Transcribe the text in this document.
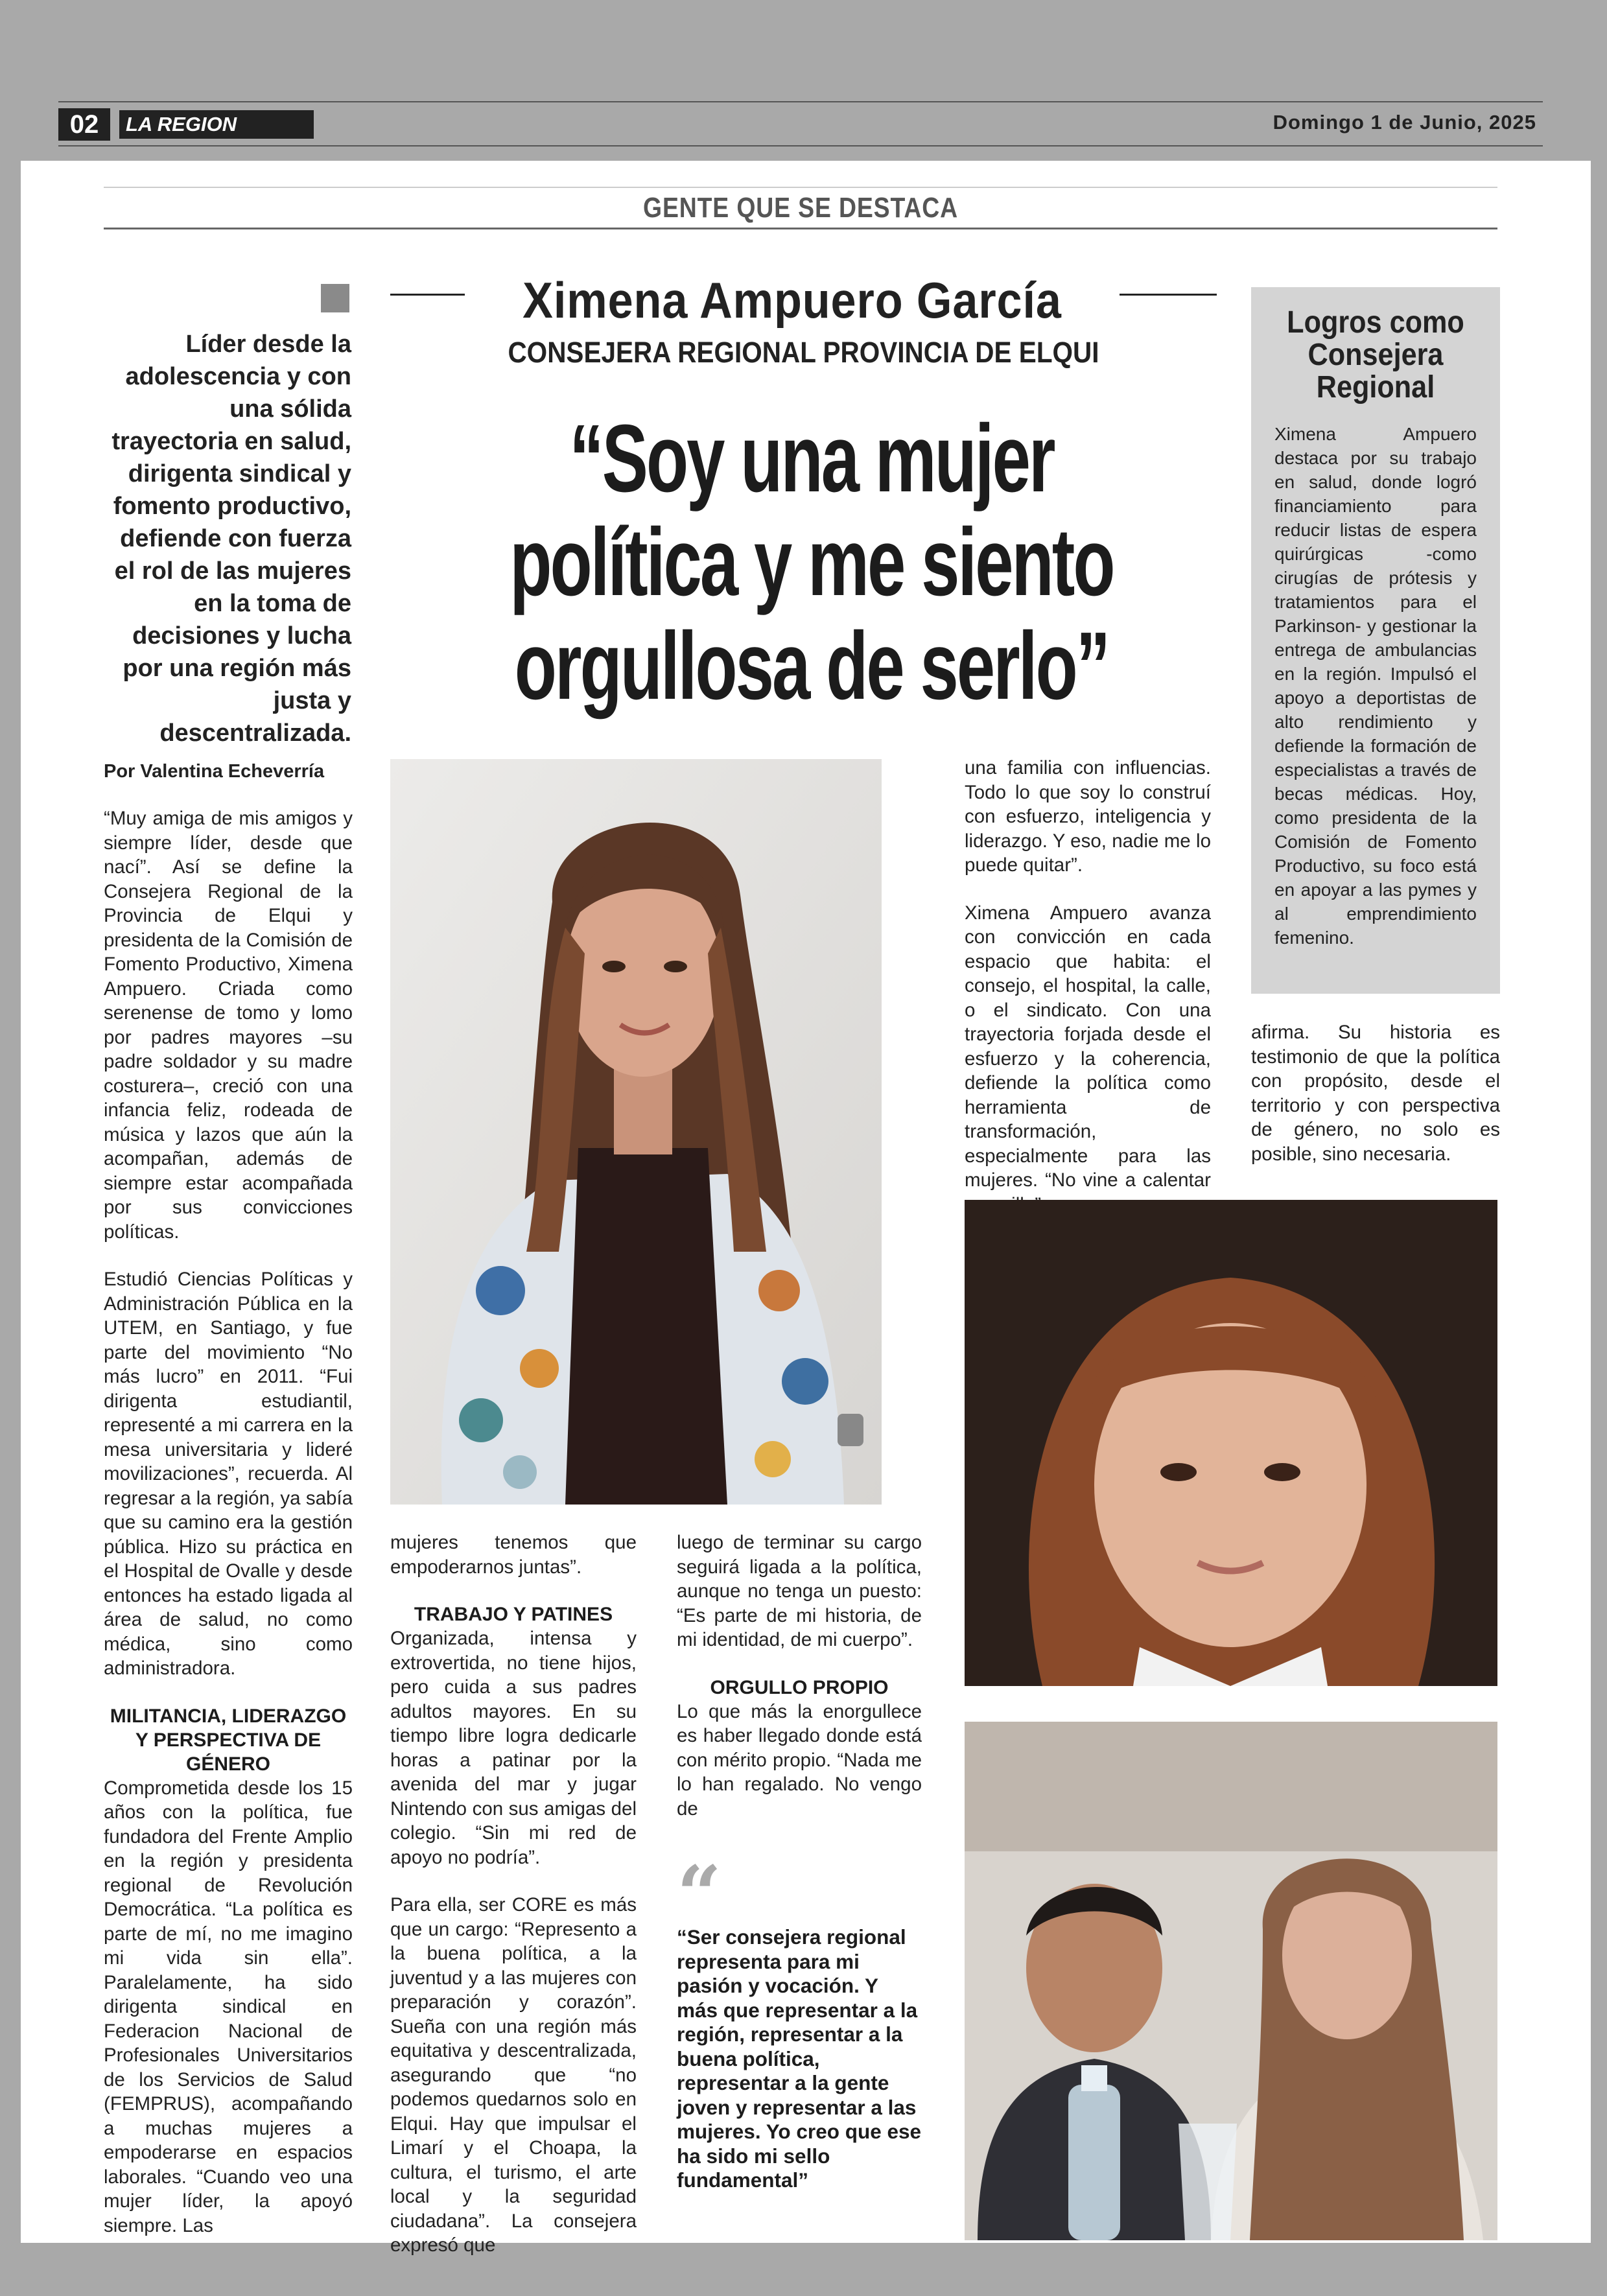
02	LA REGION	Domingo 1 de Junio, 2025
GENTE QUE SE DESTACA
Líder desde la adolescencia y con una sólida trayectoria en salud, dirigenta sindical y fomento productivo, defiende con fuerza el rol de las mujeres en la toma de decisiones y lucha por una región más justa y descentralizada.
Ximena Ampuero García
CONSEJERA REGIONAL PROVINCIA DE ELQUI
“Soy una mujer política y me siento orgullosa de serlo”
Logros como Consejera Regional
Ximena Ampuero destaca por su trabajo en salud, donde logró financiamiento para reducir listas de espera quirúrgicas -como cirugías de prótesis y tratamientos para el Parkinson- y gestionar la entrega de ambulancias en la región. Impulsó el apoyo a deportistas de alto rendimiento y defiende la formación de especialistas a través de becas médicas. Hoy, como presidenta de la Comisión de Fomento Productivo, su foco está en apoyar a las pymes y al emprendimiento femenino.
Por Valentina Echeverría

“Muy amiga de mis amigos y siempre líder, desde que nací”. Así se define la Consejera Regional de la Provincia de Elqui y presidenta de la Comisión de Fomento Productivo, Ximena Ampuero. Criada como serenense de tomo y lomo por padres mayores –su padre soldador y su madre costurera–, creció con una infancia feliz, rodeada de música y lazos que aún la acompañan, además de siempre estar acompañada por sus convicciones políticas.

Estudió Ciencias Políticas y Administración Pública en la UTEM, en Santiago, y fue parte del movimiento “No más lucro” en 2011. “Fui dirigenta estudiantil, representé a mi carrera en la mesa universitaria y lideré movilizaciones”, recuerda. Al regresar a la región, ya sabía que su camino era la gestión pública. Hizo su práctica en el Hospital de Ovalle y desde entonces ha estado ligada al área de salud, no como médica, sino como administradora.

MILITANCIA, LIDERAZGO Y PERSPECTIVA DE GÉNERO

Comprometida desde los 15 años con la política, fue fundadora del Frente Amplio en la región y presidenta regional de Revolución Democrática. “La política es parte de mí, no me imagino mi vida sin ella”. Paralelamente, ha sido dirigenta sindical en Federacion Nacional de Profesionales Universitarios de los Servicios de Salud (FEMPRUS), acompañando a muchas mujeres a empoderarse en espacios laborales. “Cuando veo una mujer líder, la apoyó siempre. Las

mujeres tenemos que empoderarnos juntas”.

TRABAJO Y PATINES

Organizada, intensa y extrovertida, no tiene hijos, pero cuida a sus padres adultos mayores. En su tiempo libre logra dedicarle horas a patinar por la avenida del mar y jugar Nintendo con sus amigas del colegio. “Sin mi red de apoyo no podría”.

Para ella, ser CORE es más que un cargo: “Represento a la buena política, a la juventud y a las mujeres con preparación y corazón”. Sueña con una región más equitativa y descentralizada, asegurando que “no podemos quedarnos solo en Elqui. Hay que impulsar el Limarí y el Choapa, la cultura, el turismo, el arte local y la seguridad ciudadana”. La consejera expresó que

luego de terminar su cargo seguirá ligada a la política, aunque no tenga un puesto: “Es parte de mi historia, de mi identidad, de mi cuerpo”.

ORGULLO PROPIO

Lo que más la enorgullece es haber llegado donde está con mérito propio. “Nada me lo han regalado. No vengo de

“
“Ser consejera regional representa para mi pasión y vocación. Y más que representar a la región, representar a la buena política, representar a la gente joven y representar a las mujeres. Yo creo que ese ha sido mi sello fundamental”

una familia con influencias. Todo lo que soy lo construí con esfuerzo, inteligencia y liderazgo. Y eso, nadie me lo puede quitar”.

Ximena Ampuero avanza con convicción en cada espacio que habita: el consejo, el hospital, la calle, o el sindicato. Con una trayectoria forjada desde el esfuerzo y la coherencia, defiende la política como herramienta de transformación, especialmente para las mujeres. “No vine a calentar

afirma. Su historia es testimonio de que la política con propósito, desde el territorio y con perspectiva de género, no solo es posible, sino necesaria.
